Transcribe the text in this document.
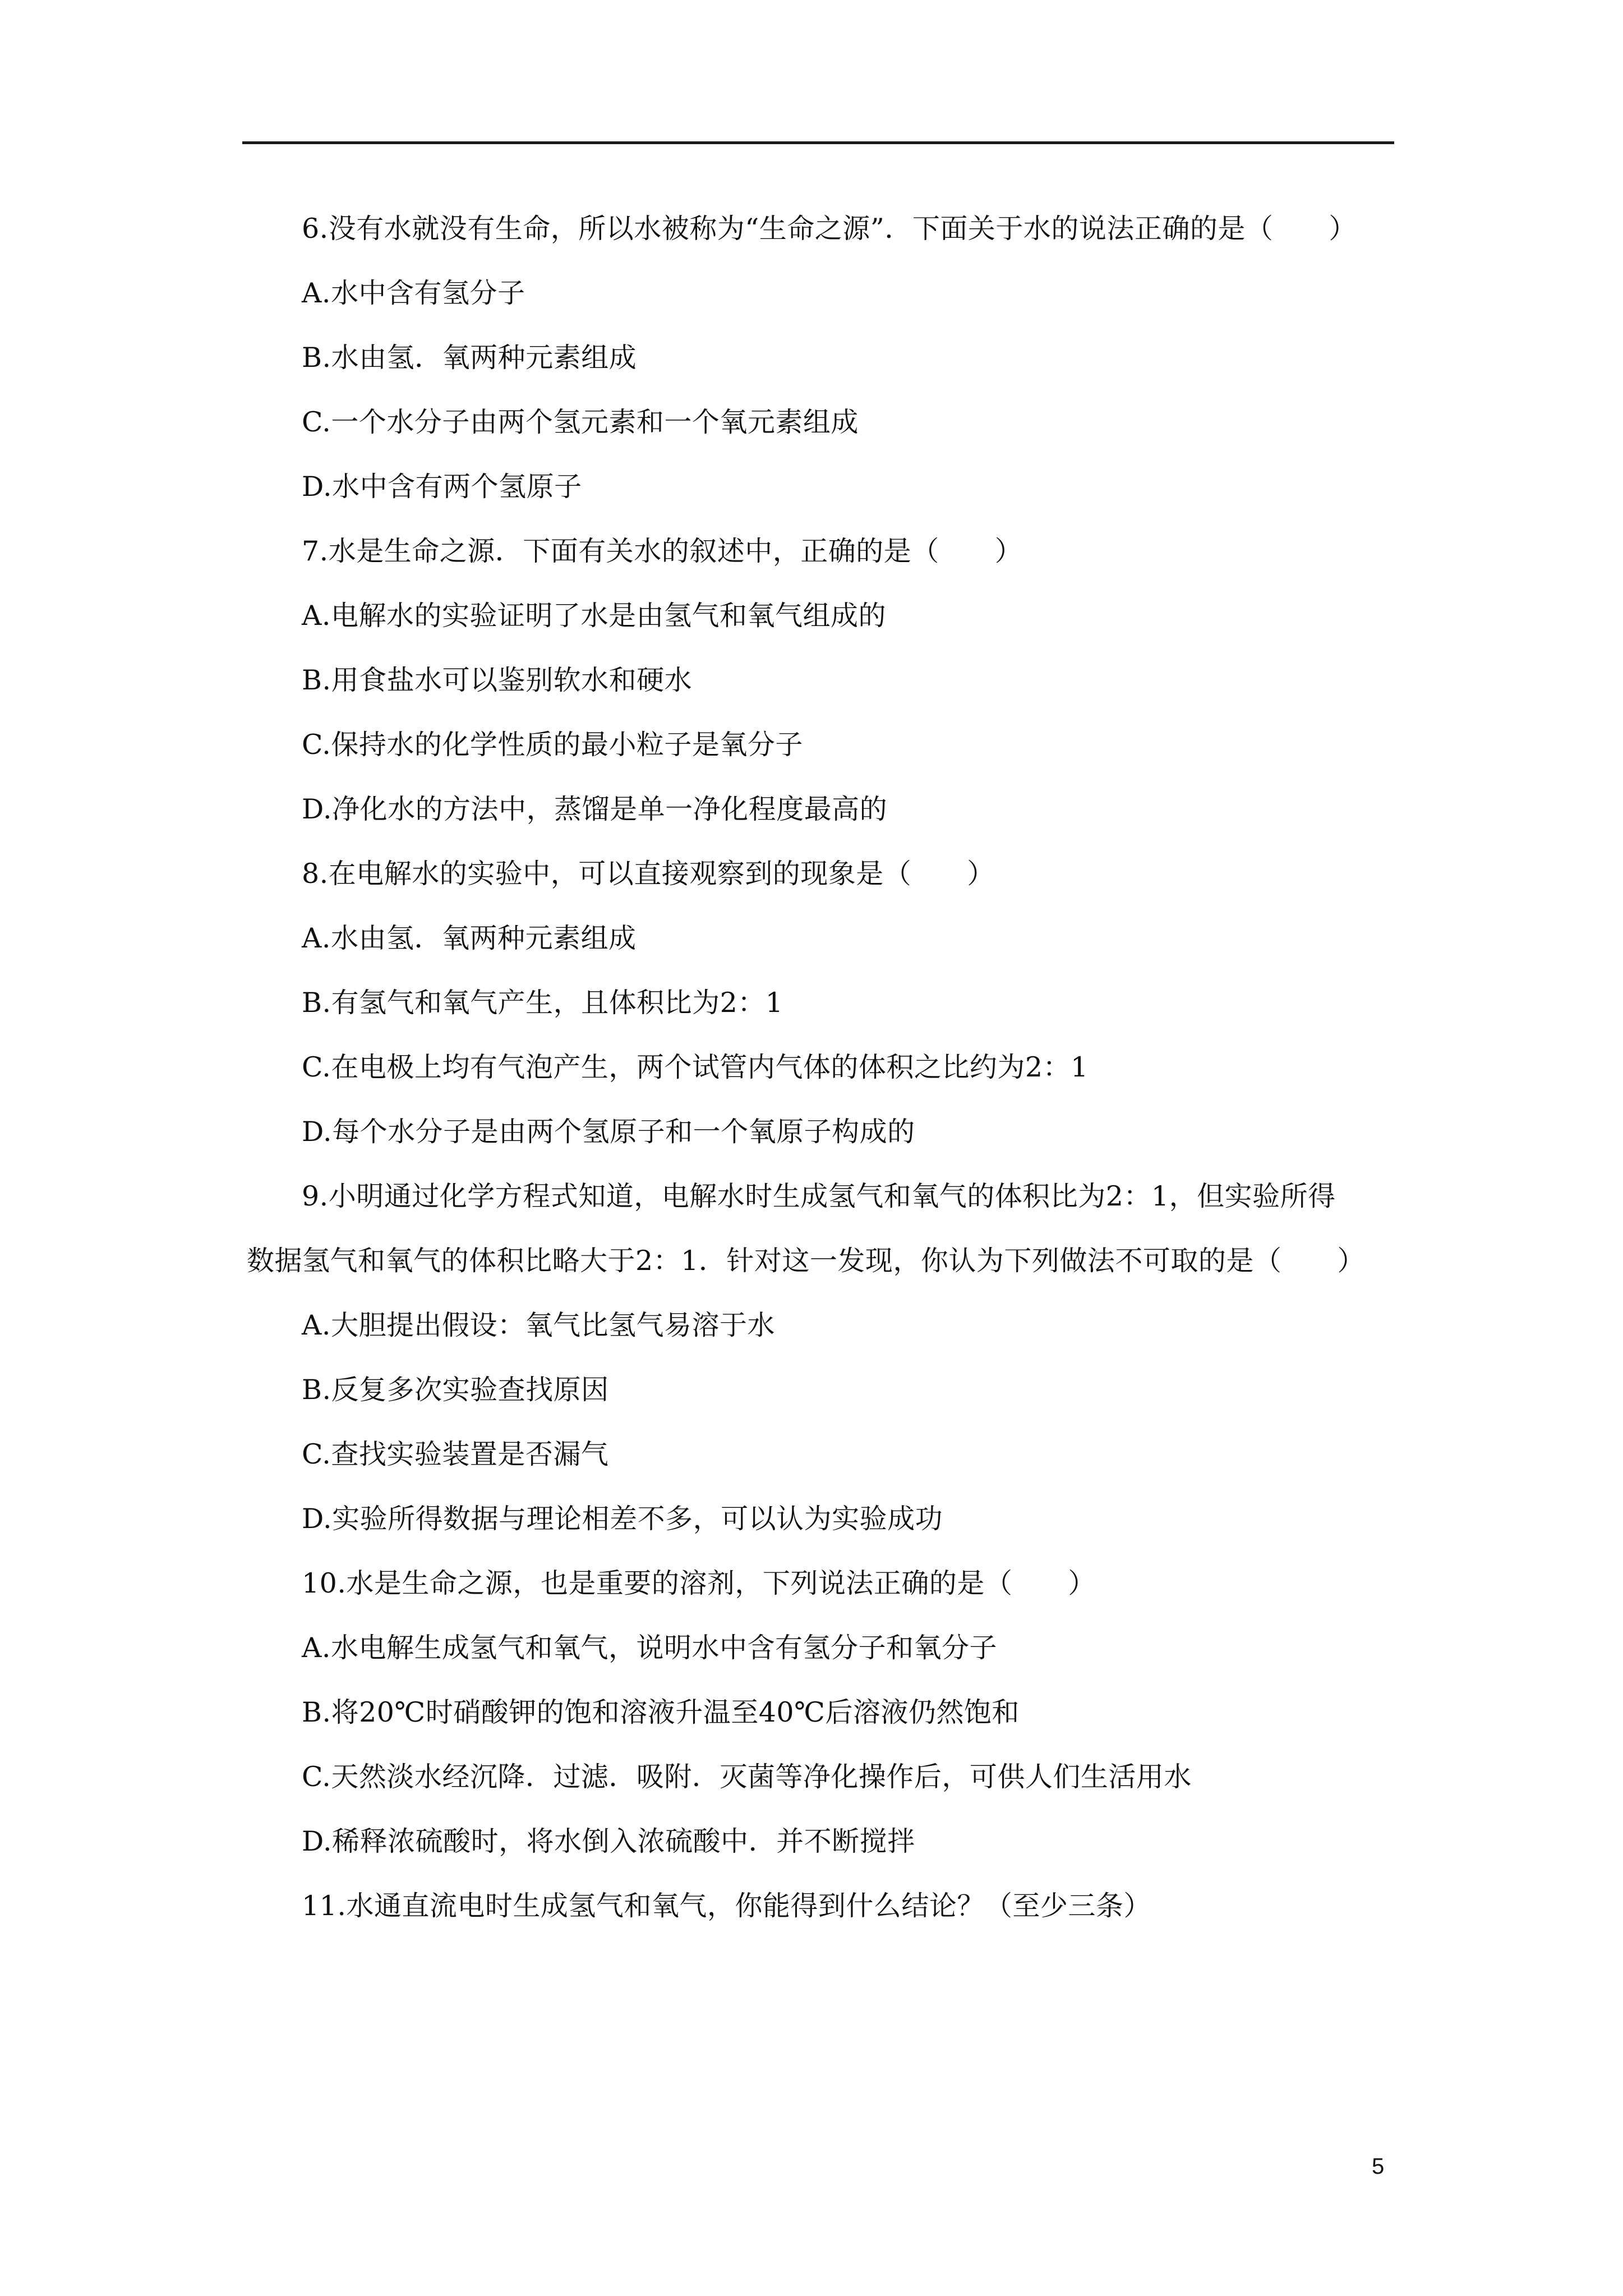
6.没有水就没有生命，所以水被称为“生命之源”．下面关于水的说法正确的是（　　）
A.水中含有氢分子
B.水由氢．氧两种元素组成
C.一个水分子由两个氢元素和一个氧元素组成
D.水中含有两个氢原子
7.水是生命之源．下面有关水的叙述中，正确的是（　　）
A.电解水的实验证明了水是由氢气和氧气组成的
B.用食盐水可以鉴别软水和硬水
C.保持水的化学性质的最小粒子是氧分子
D.净化水的方法中，蒸馏是单一净化程度最高的
8.在电解水的实验中，可以直接观察到的现象是（　　）
A.水由氢．氧两种元素组成
B.有氢气和氧气产生，且体积比为2：1
C.在电极上均有气泡产生，两个试管内气体的体积之比约为2：1
D.每个水分子是由两个氢原子和一个氧原子构成的
9.小明通过化学方程式知道，电解水时生成氢气和氧气的体积比为2：1，但实验所得
数据氢气和氧气的体积比略大于2：1．针对这一发现，你认为下列做法不可取的是（　　）
A.大胆提出假设：氧气比氢气易溶于水
B.反复多次实验查找原因
C.查找实验装置是否漏气
D.实验所得数据与理论相差不多，可以认为实验成功
10.水是生命之源，也是重要的溶剂，下列说法正确的是（　　）
A.水电解生成氢气和氧气，说明水中含有氢分子和氧分子
B.将20℃时硝酸钾的饱和溶液升温至40℃后溶液仍然饱和
C.天然淡水经沉降．过滤．吸附．灭菌等净化操作后，可供人们生活用水
D.稀释浓硫酸时，将水倒入浓硫酸中．并不断搅拌
11.水通直流电时生成氢气和氧气，你能得到什么结论？（至少三条）
5
